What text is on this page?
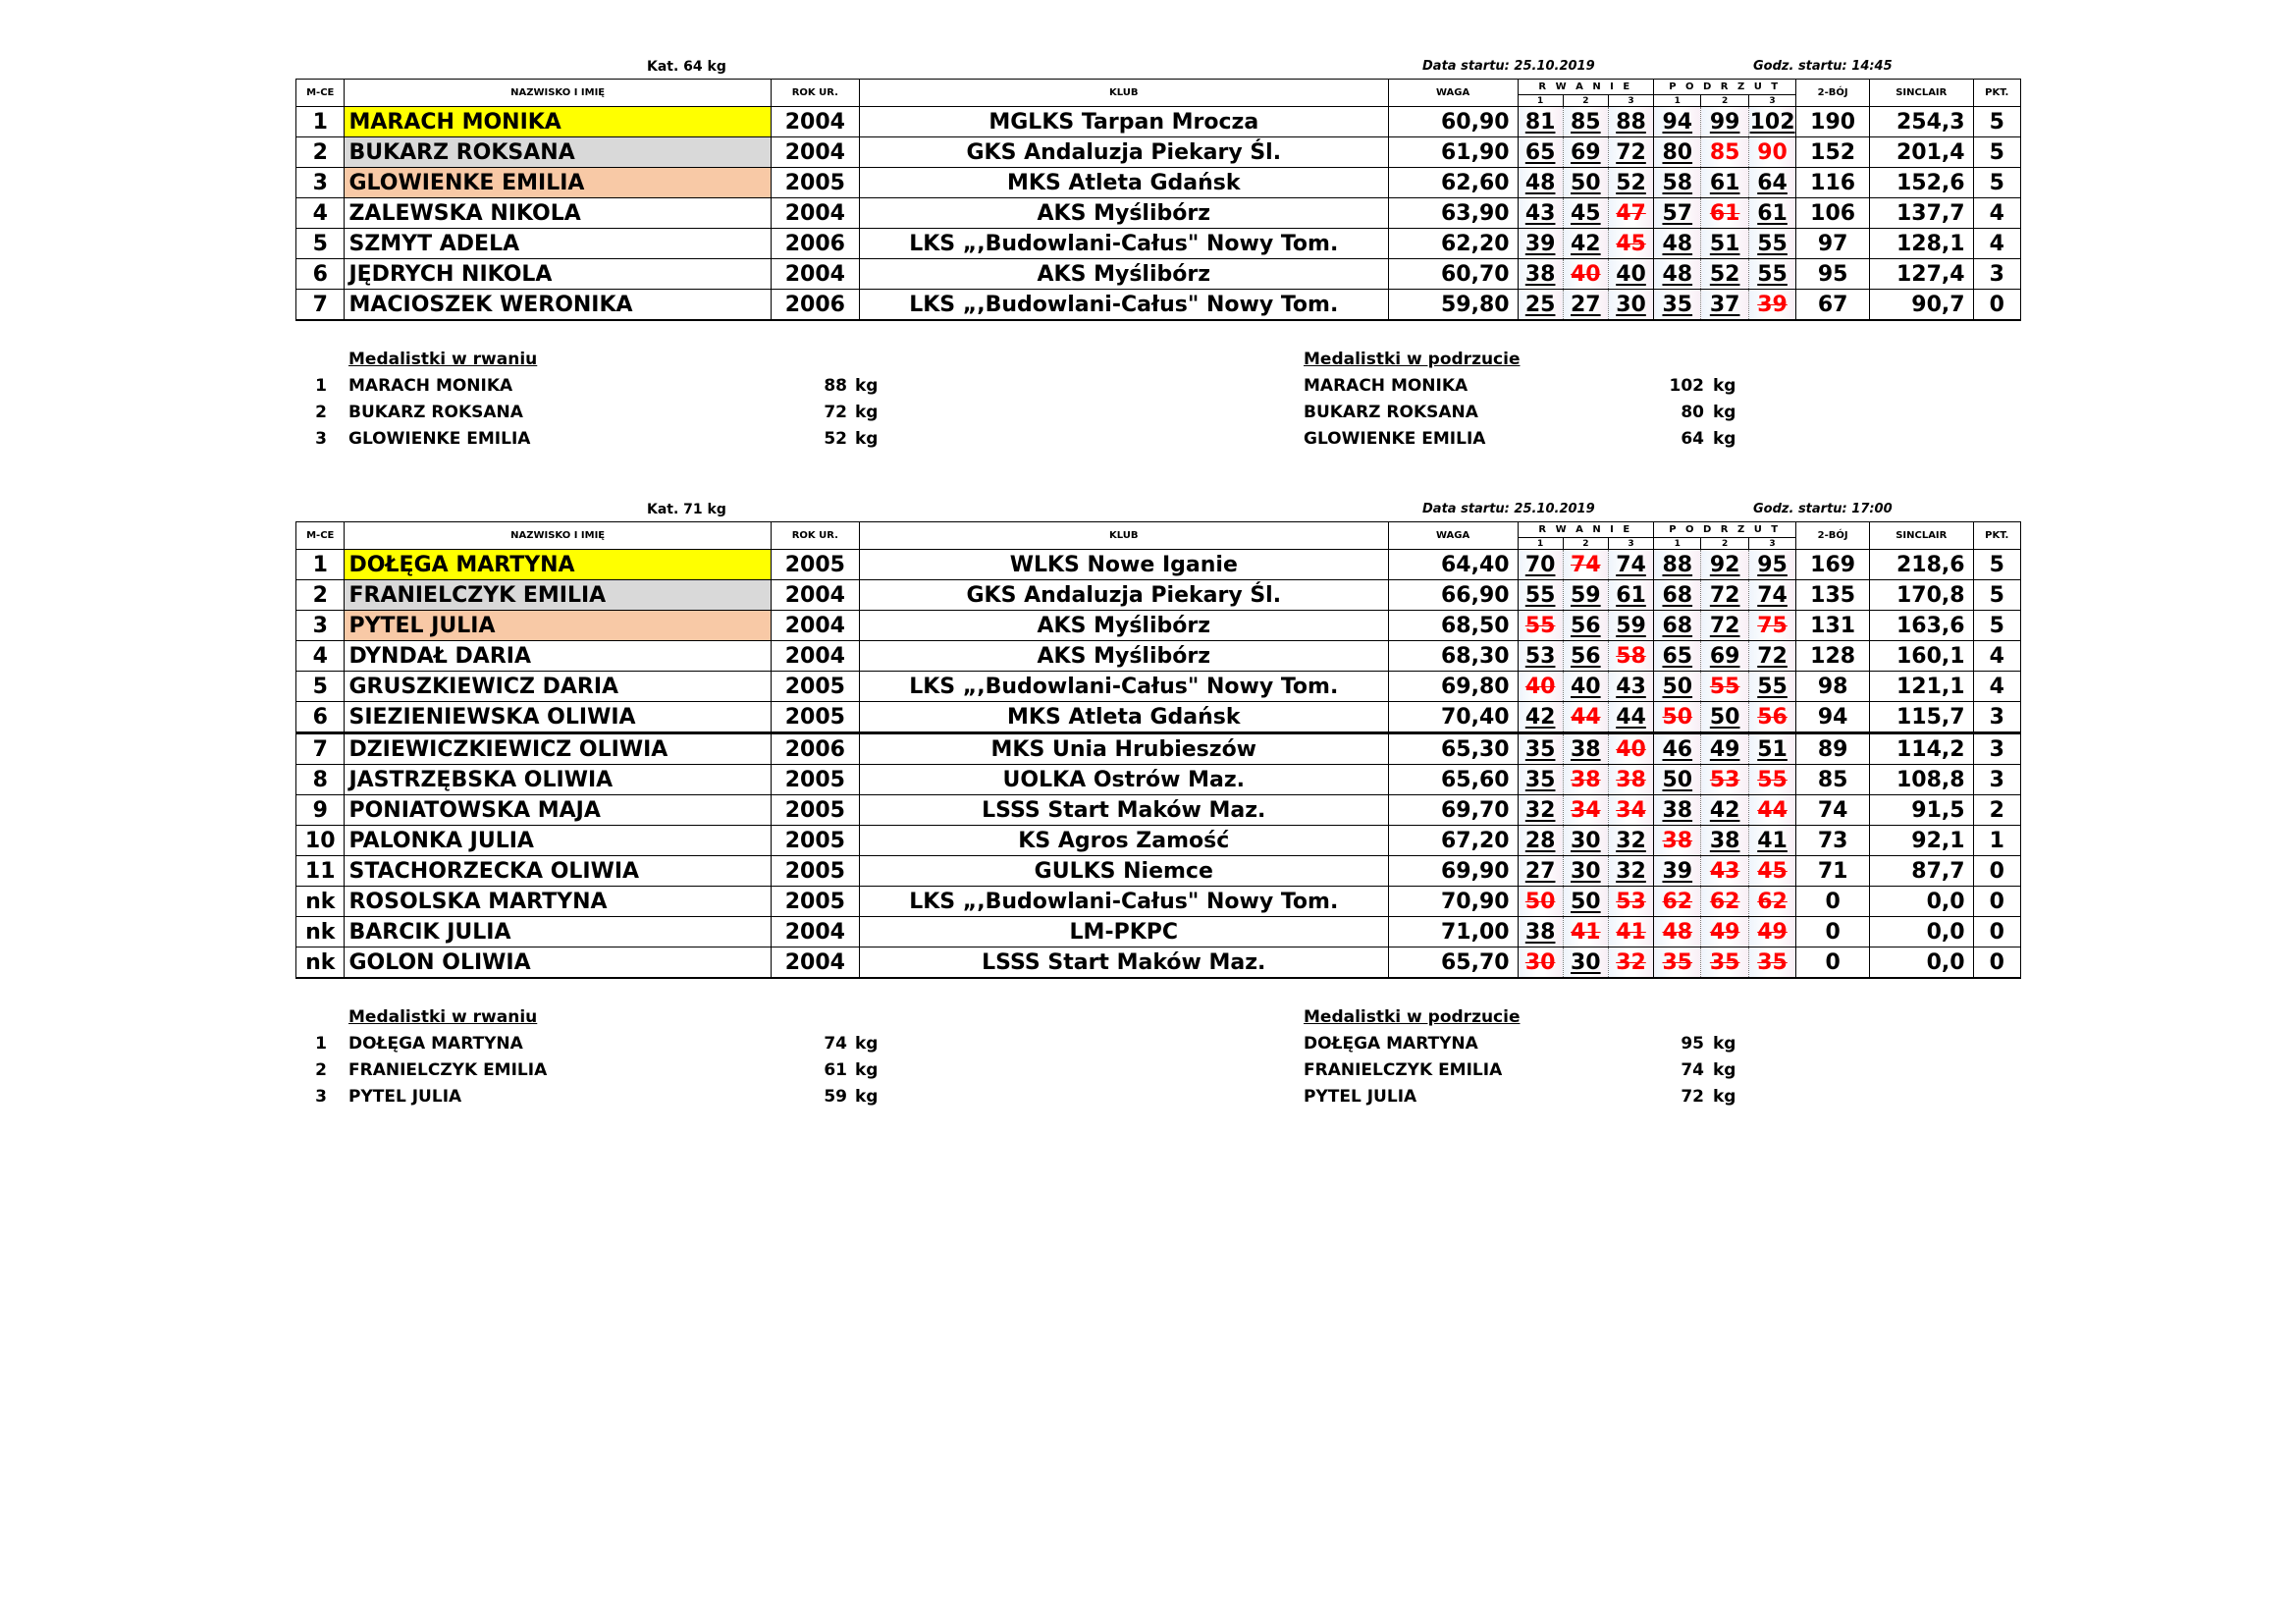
Kat. 64 kg	Data startu: 25.10.2019	Godz. startu: 14:45
M-CE	NAZWISKO I IMIĘ	ROK UR.	KLUB	WAGA	R W A N I E			P O D R Z U T			2-BÓJ	SINCLAIR	PKT.
					1	2	3	1	2	3			
1	MARACH MONIKA	2004	MGLKS Tarpan Mrocza	60,90	81	85	88	94	99	102	190	254,3	5
2	BUKARZ ROKSANA	2004	GKS Andaluzja Piekary Śl.	61,90	65	69	72	80	85	90	152	201,4	5
3	GLOWIENKE EMILIA	2005	MKS Atleta Gdańsk	62,60	48	50	52	58	61	64	116	152,6	5
4	ZALEWSKA NIKOLA	2004	AKS Myślibórz	63,90	43	45	47	57	61	61	106	137,7	4
5	SZMYT ADELA	2006	LKS „,Budowlani-Całus" Nowy Tom.	62,20	39	42	45	48	51	55	97	128,1	4
6	JĘDRYCH NIKOLA	2004	AKS Myślibórz	60,70	38	40	40	48	52	55	95	127,4	3
7	MACIOSZEK WERONIKA	2006	LKS „,Budowlani-Całus" Nowy Tom.	59,80	25	27	30	35	37	39	67	90,7	0
Medalistki w rwaniu
1 MARACH MONIKA	88 kg
2 BUKARZ ROKSANA	72 kg
3 GLOWIENKE EMILIA	52 kg
Medalistki w podrzucie
MARACH MONIKA	102 kg
BUKARZ ROKSANA	80 kg
GLOWIENKE EMILIA	64 kg
Kat. 71 kg	Data startu: 25.10.2019	Godz. startu: 17:00
M-CE	NAZWISKO I IMIĘ	ROK UR.	KLUB	WAGA	R W A N I E			P O D R Z U T			2-BÓJ	SINCLAIR	PKT.
					1	2	3	1	2	3			
1	DOŁĘGA MARTYNA	2005	WLKS Nowe Iganie	64,40	70	74	74	88	92	95	169	218,6	5
2	FRANIELCZYK EMILIA	2004	GKS Andaluzja Piekary Śl.	66,90	55	59	61	68	72	74	135	170,8	5
3	PYTEL JULIA	2004	AKS Myślibórz	68,50	55	56	59	68	72	75	131	163,6	5
4	DYNDAŁ DARIA	2004	AKS Myślibórz	68,30	53	56	58	65	69	72	128	160,1	4
5	GRUSZKIEWICZ DARIA	2005	LKS „,Budowlani-Całus" Nowy Tom.	69,80	40	40	43	50	55	55	98	121,1	4
6	SIEZIENIEWSKA OLIWIA	2005	MKS Atleta Gdańsk	70,40	42	44	44	50	50	56	94	115,7	3
7	DZIEWICZKIEWICZ OLIWIA	2006	MKS Unia Hrubieszów	65,30	35	38	40	46	49	51	89	114,2	3
8	JASTRZĘBSKA OLIWIA	2005	UOLKA Ostrów Maz.	65,60	35	38	38	50	53	55	85	108,8	3
9	PONIATOWSKA MAJA	2005	LSSS Start Maków Maz.	69,70	32	34	34	38	42	44	74	91,5	2
10	PALONKA JULIA	2005	KS Agros Zamość	67,20	28	30	32	38	38	41	73	92,1	1
11	STACHORZECKA OLIWIA	2005	GULKS Niemce	69,90	27	30	32	39	43	45	71	87,7	0
nk	ROSOLSKA MARTYNA	2005	LKS „,Budowlani-Całus" Nowy Tom.	70,90	50	50	53	62	62	62	0	0,0	0
nk	BARCIK JULIA	2004	LM-PKPC	71,00	38	41	41	48	49	49	0	0,0	0
nk	GOLON OLIWIA	2004	LSSS Start Maków Maz.	65,70	30	30	32	35	35	35	0	0,0	0
Medalistki w rwaniu
1 DOŁĘGA MARTYNA	74 kg
2 FRANIELCZYK EMILIA	61 kg
3 PYTEL JULIA	59 kg
Medalistki w podrzucie
DOŁĘGA MARTYNA	95 kg
FRANIELCZYK EMILIA	74 kg
PYTEL JULIA	72 kg
